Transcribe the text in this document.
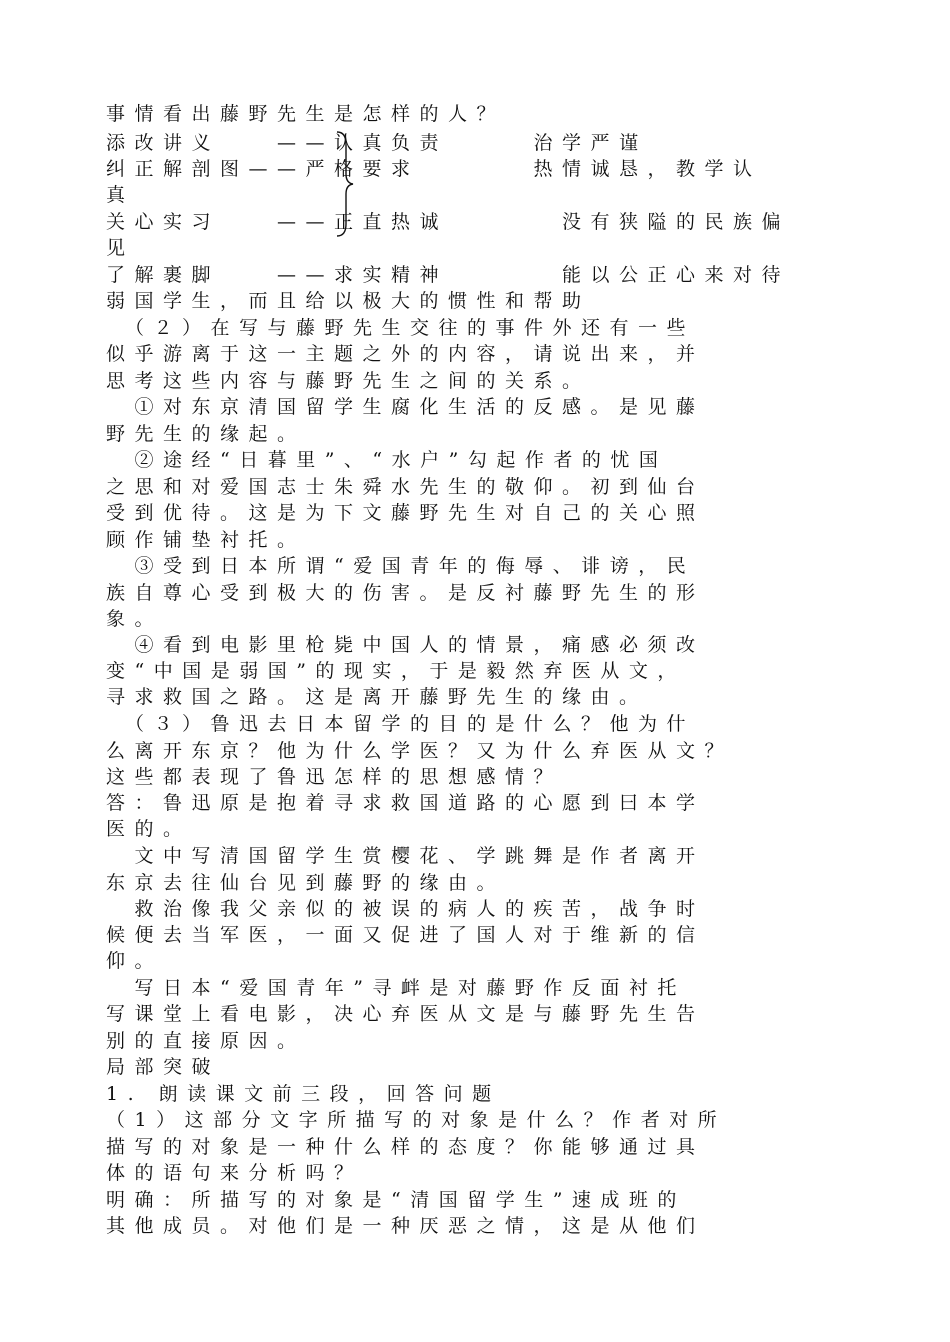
事情看出藤野先生是怎样的人？
添改讲义　　——认真负责　　　治学严谨
纠正解剖图——严格要求　　　　热情诚恳，教学认
真
关心实习　　——正直热诚　　　　没有狭隘的民族偏
见
了解裹脚　　——求实精神　　　　能以公正心来对待
弱国学生，而且给以极大的惯性和帮助
　（２）在写与藤野先生交往的事件外还有一些
似乎游离于这一主题之外的内容，请说出来，并
思考这些内容与藤野先生之间的关系。
　①对东京清国留学生腐化生活的反感。是见藤
野先生的缘起。
　②途经“日暮里”、“水户”勾起作者的忧国
之思和对爱国志士朱舜水先生的敬仰。初到仙台
受到优待。这是为下文藤野先生对自己的关心照
顾作铺垫衬托。
　③受到日本所谓“爱国青年的侮辱、诽谤，民
族自尊心受到极大的伤害。是反衬藤野先生的形
象。
　④看到电影里枪毙中国人的情景，痛感必须改
变“中国是弱国”的现实，于是毅然弃医从文，
寻求救国之路。这是离开藤野先生的缘由。
　（３）鲁迅去日本留学的目的是什么？他为什
么离开东京？他为什么学医？又为什么弃医从文？
这些都表现了鲁迅怎样的思想感情？
答：鲁迅原是抱着寻求救国道路的心愿到曰本学
医的。
　文中写清国留学生赏樱花、学跳舞是作者离开
东京去往仙台见到藤野的缘由。
　救治像我父亲似的被误的病人的疾苦，战争时
候便去当军医，一面又促进了国人对于维新的信
仰。
　写日本“爱国青年”寻衅是对藤野作反面衬托
写课堂上看电影，决心弃医从文是与藤野先生告
别的直接原因。
局部突破
1. 朗读课文前三段，回答问题
（1）这部分文字所描写的对象是什么？作者对所
描写的对象是一种什么样的态度？你能够通过具
体的语句来分析吗？
明确：所描写的对象是“清国留学生”速成班的
其他成员。对他们是一种厌恶之情，这是从他们
